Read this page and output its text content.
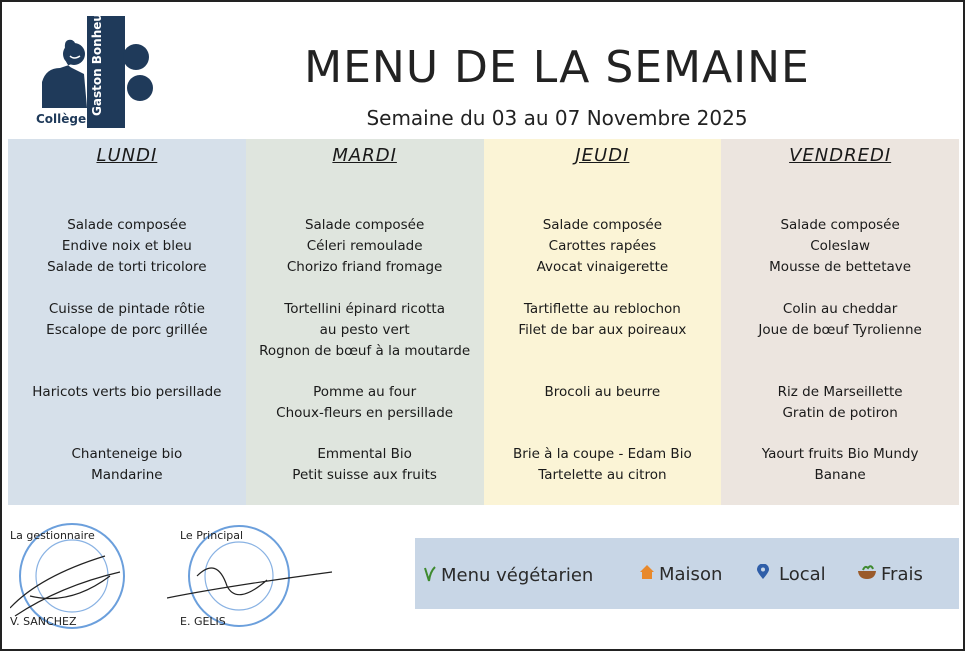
Collège
Gaston Bonheur	MENU DE LA SEMAINE
Semaine du 03 au 07 Novembre 2025
LUNDI
Salade composée
Endive noix et bleu
Salade de torti tricolore
Cuisse de pintade rôtie
Escalope de porc grillée
Haricots verts bio persillade
Chanteneige bio
Mandarine
MARDI
Salade composée
Céleri remoulade
Chorizo friand fromage
Tortellini épinard ricotta
au pesto vert
Rognon de bœuf à la moutarde
Pomme au four
Choux-fleurs en persillade
Emmental Bio
Petit suisse aux fruits
JEUDI
Salade composée
Carottes rapées
Avocat vinaigerette
Tartiflette au reblochon
Filet de bar aux poireaux
Brocoli au beurre
Brie à la coupe - Edam Bio
Tartelette au citron
VENDREDI
Salade composée
Coleslaw
Mousse de bettetave
Colin au cheddar
Joue de bœuf Tyrolienne
Riz de Marseillette
Gratin de potiron
Yaourt fruits Bio Mundy
Banane
La gestionnaire
V. SANCHEZ
Le Principal
E. GELIS
Menu végétarien	Maison	Local	Frais
